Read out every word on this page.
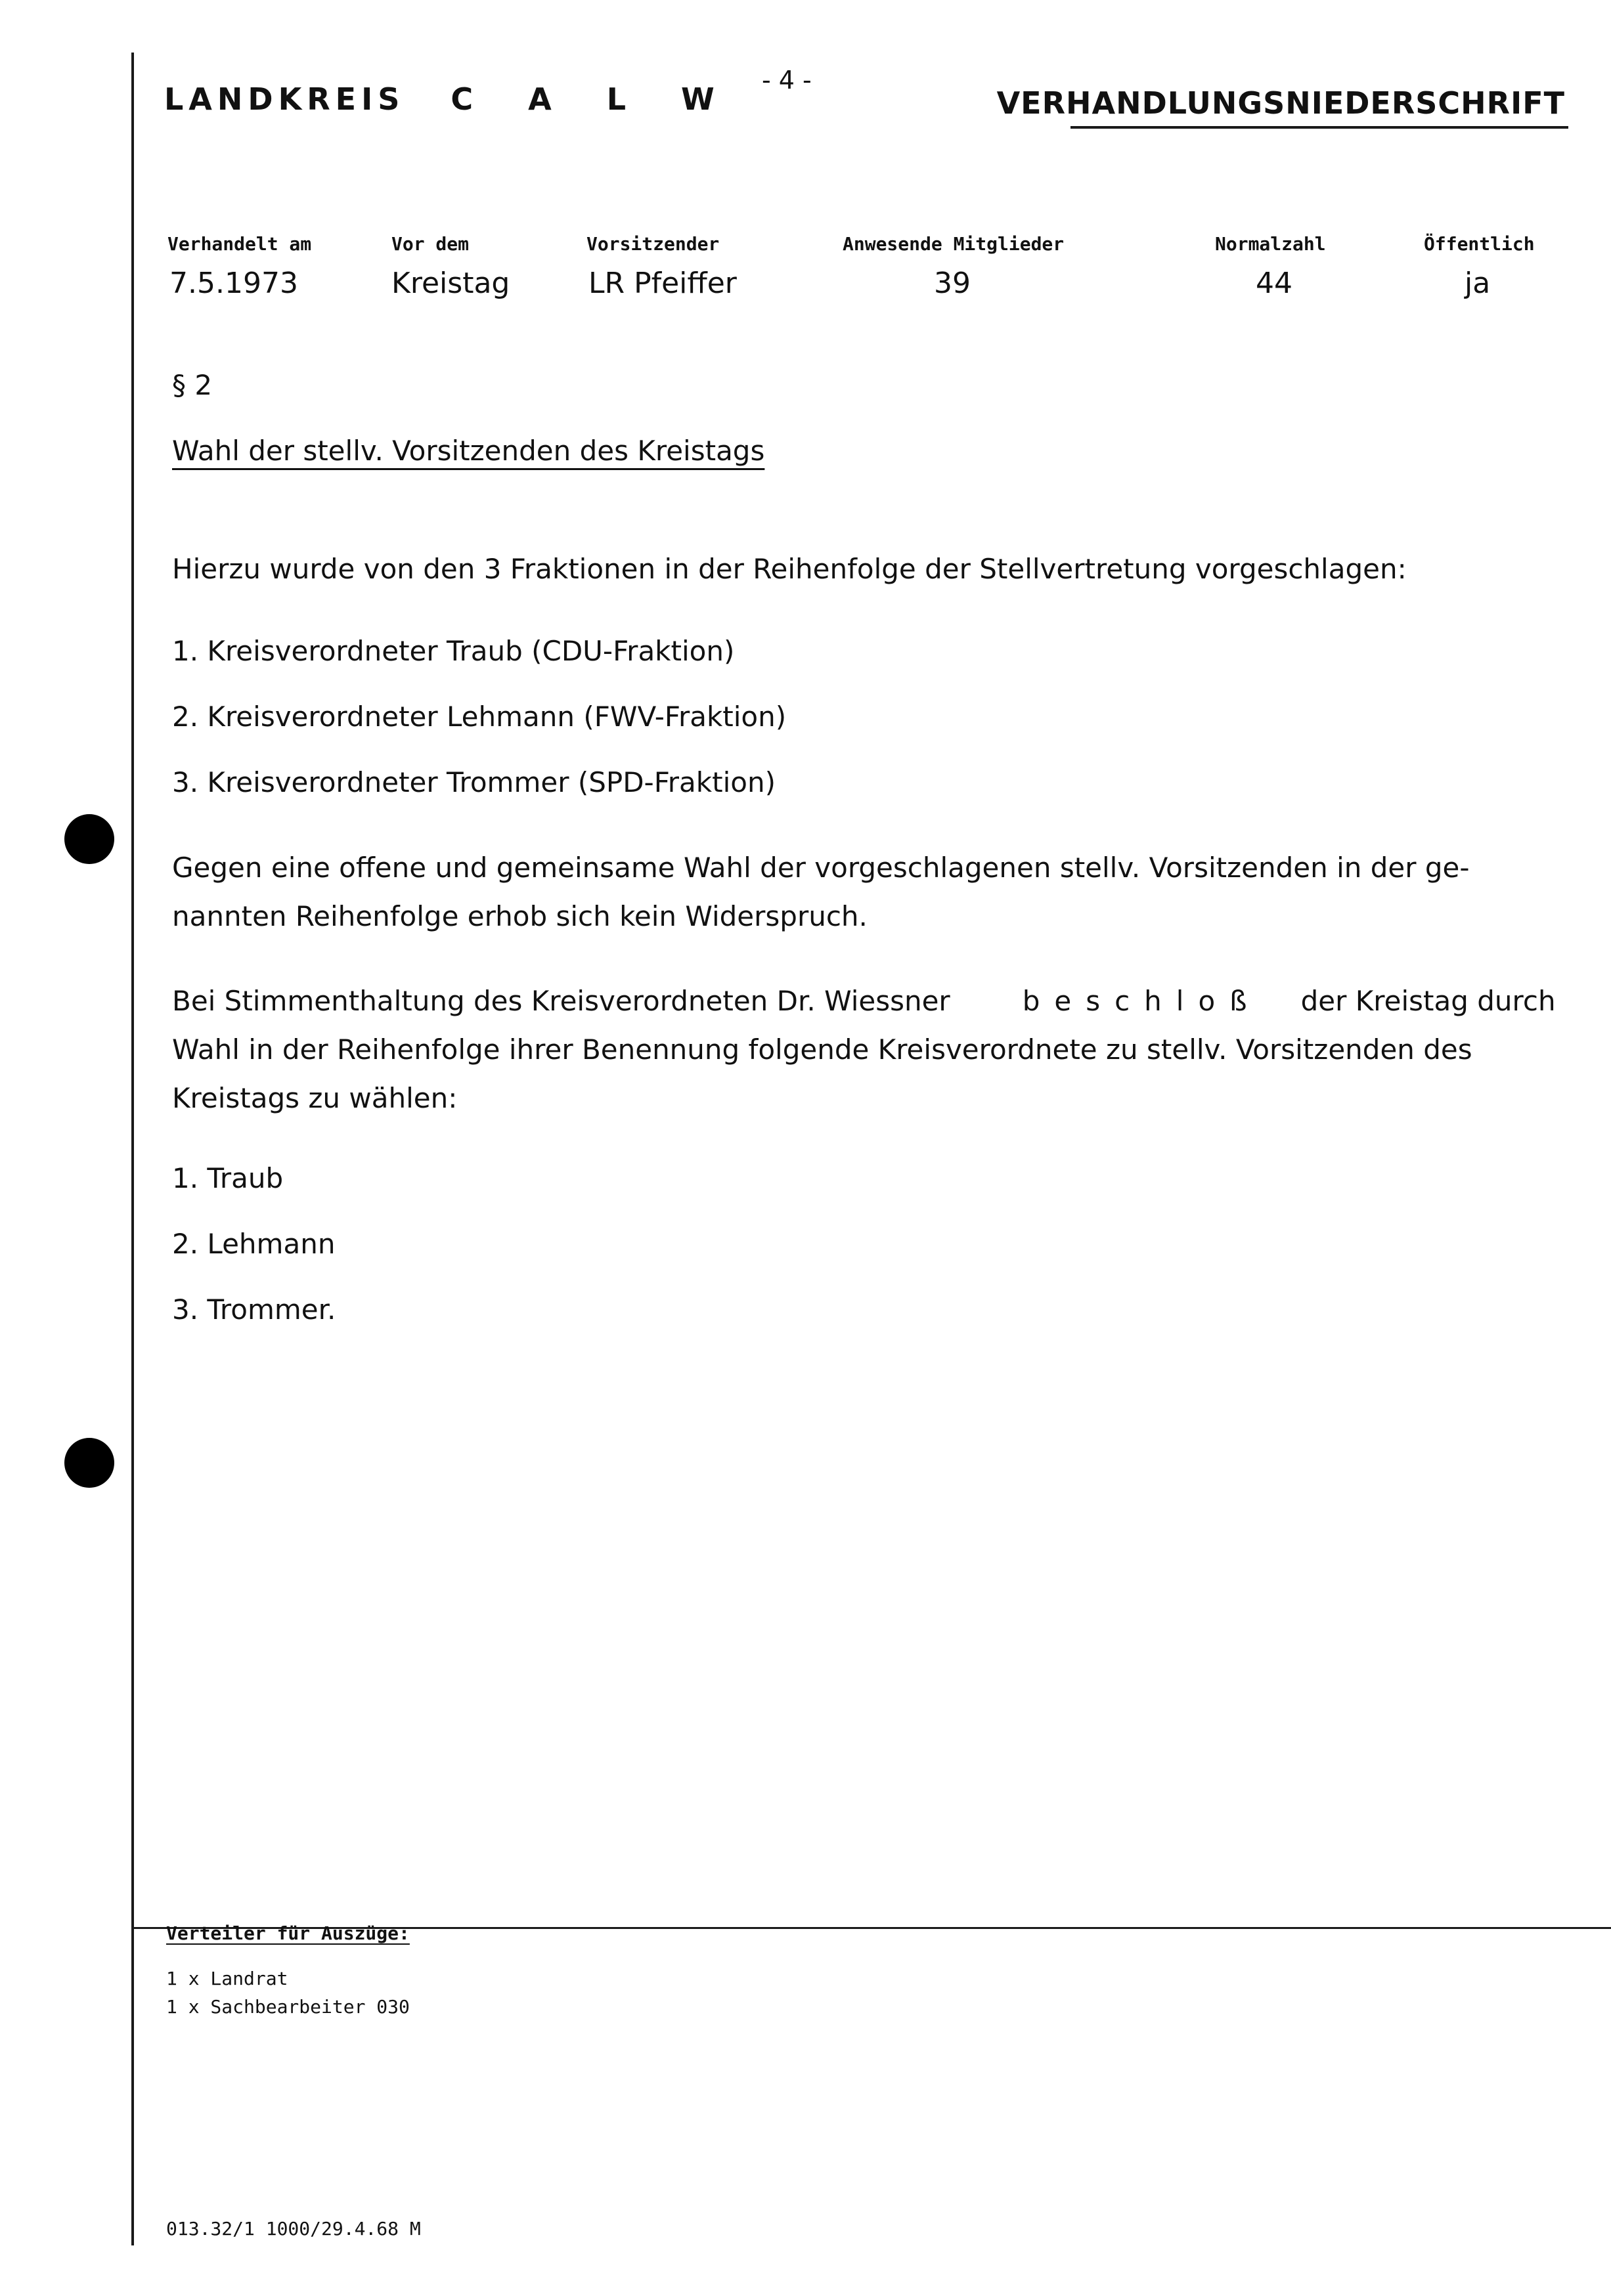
LANDKREIS C A L W
- 4 -
VERHANDLUNGSNIEDERSCHRIFT
Verhandelt am	Vor dem	Vorsitzender	Anwesende Mitglieder	Normalzahl	Öffentlich
7.5.1973	Kreistag	LR Pfeiffer	39	44	ja
§ 2
Wahl der stellv. Vorsitzenden des Kreistags
Hierzu wurde von den 3 Fraktionen in der Reihenfolge der Stellvertretung vorgeschlagen:
1. Kreisverordneter Traub (CDU-Fraktion)
2. Kreisverordneter Lehmann (FWV-Fraktion)
3. Kreisverordneter Trommer (SPD-Fraktion)
Gegen eine offene und gemeinsame Wahl der vorgeschlagenen stellv. Vorsitzenden in der ge-
nannten Reihenfolge erhob sich kein Widerspruch.
Bei Stimmenthaltung des Kreisverordneten Dr. Wiessner	beschloß der Kreistag durch
Wahl in der Reihenfolge ihrer Benennung folgende Kreisverordnete zu stellv. Vorsitzenden des
Kreistags zu wählen:
1. Traub
2. Lehmann
3. Trommer.
Verteiler für Auszüge:
1 x Landrat
1 x Sachbearbeiter 030
013.32/1 1000/29.4.68 M
